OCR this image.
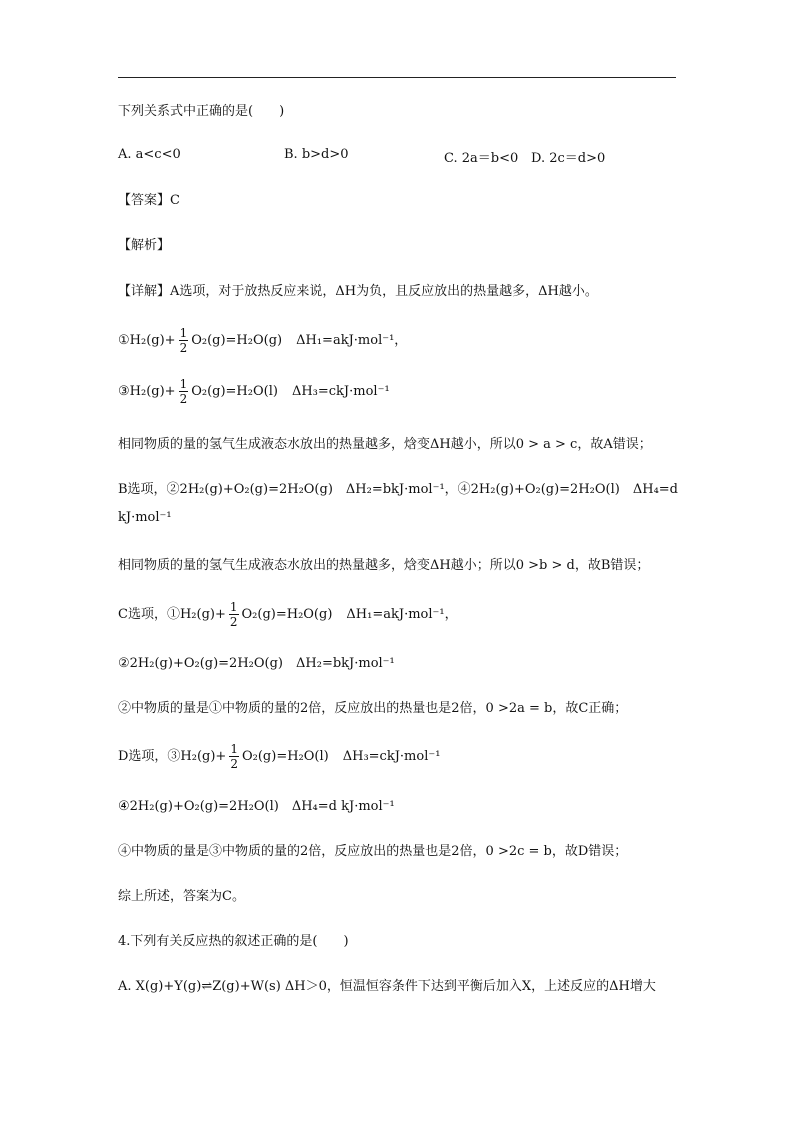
下列关系式中正确的是(　　)
A. a<c<0	B. b>d>0	C. 2a＝b<0 D. 2c＝d>0
【答案】C
【解析】
【详解】A选项，对于放热反应来说，ΔH为负，且反应放出的热量越多，ΔH越小。
①H₂(g)+ $\frac{1}{2} O_2(g)=H_2O(g)$ ΔH₁=akJ·mol⁻¹，
③H₂(g)+ $\frac{1}{2} O_2(g)=H_2O(l)$ ΔH₃=ckJ·mol⁻¹
相同物质的量的氢气生成液态水放出的热量越多，焓变ΔH越小，所以0 > a > c，故A错误；
B选项，②2H₂(g)+O₂(g)=2H₂O(g)　ΔH₂=bkJ·mol⁻¹，④2H₂(g)+O₂(g)=2H₂O(l)　ΔH₄=d
kJ·mol⁻¹
相同物质的量的氢气生成液态水放出的热量越多，焓变ΔH越小；所以0 >b > d，故B错误；
C选项，①H₂(g)+ $\frac{1}{2} O_2(g)=H_2O(g)$ ΔH₁=akJ·mol⁻¹，
②2H₂(g)+O₂(g)=2H₂O(g)　ΔH₂=bkJ·mol⁻¹
②中物质的量是①中物质的量的2倍，反应放出的热量也是2倍，0 >2a = b，故C正确；
D选项，③H₂(g)+ $\frac{1}{2} O_2(g)=H_2O(l)$ ΔH₃=ckJ·mol⁻¹
④2H₂(g)+O₂(g)=2H₂O(l)　ΔH₄=d kJ·mol⁻¹
④中物质的量是③中物质的量的2倍，反应放出的热量也是2倍，0 >2c = b，故D错误；
综上所述，答案为C。
4.下列有关反应热的叙述正确的是(　　)
A. X(g)+Y(g)⇌Z(g)+W(s) ΔH＞0，恒温恒容条件下达到平衡后加入X，上述反应的ΔH增大
